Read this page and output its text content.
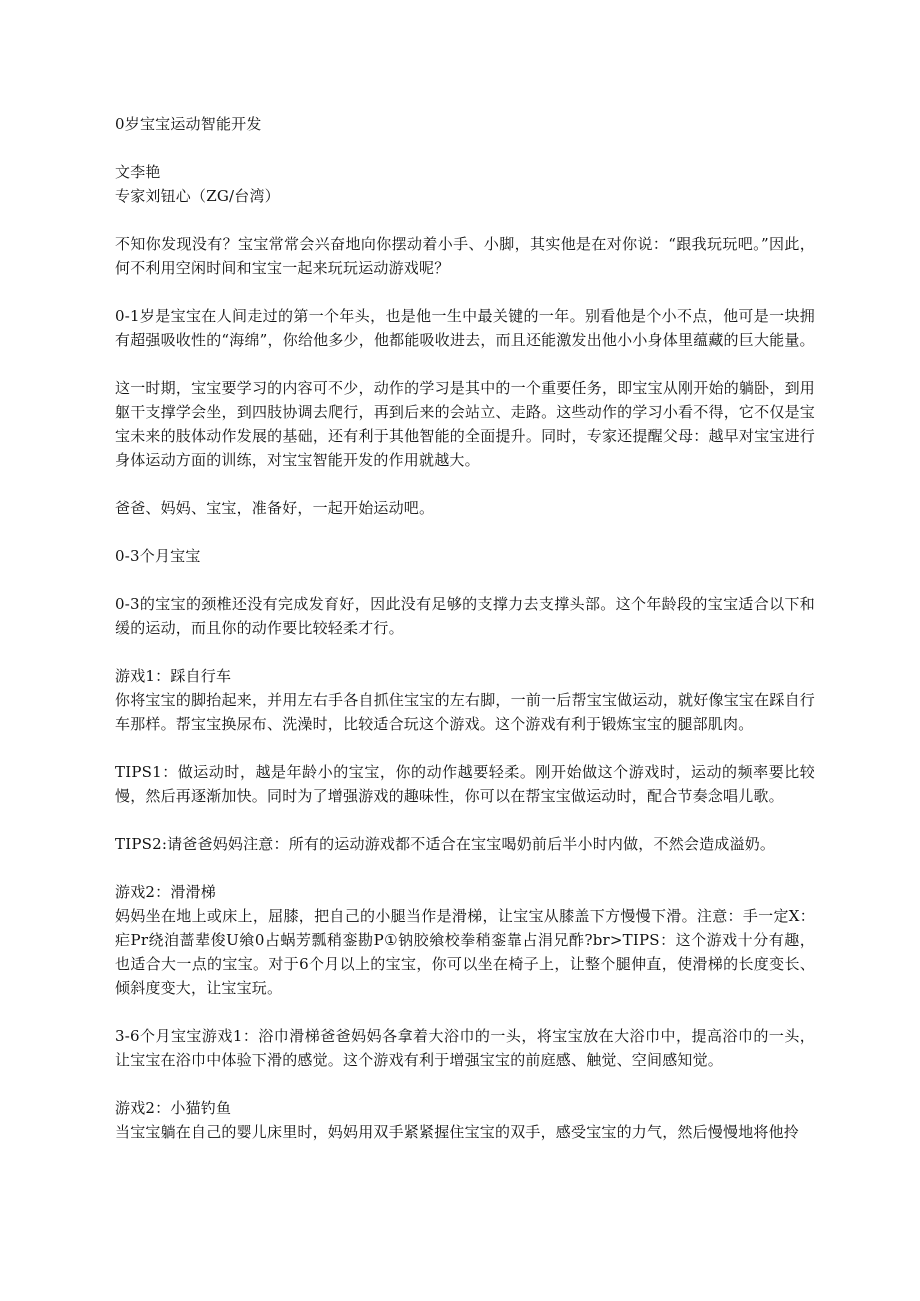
0岁宝宝运动智能开发
文李艳
专家刘钮心（ZG/台湾）

不知你发现没有？宝宝常常会兴奋地向你摆动着小手、小脚，其实他是在对你说：“跟我玩玩吧。”因此，何不利用空闲时间和宝宝一起来玩玩运动游戏呢？

0-1岁是宝宝在人间走过的第一个年头，也是他一生中最关键的一年。别看他是个小不点，他可是一块拥有超强吸收性的“海绵”，你给他多少，他都能吸收进去，而且还能激发出他小小身体里蕴藏的巨大能量。

这一时期，宝宝要学习的内容可不少，动作的学习是其中的一个重要任务，即宝宝从刚开始的躺卧，到用躯干支撑学会坐，到四肢协调去爬行，再到后来的会站立、走路。这些动作的学习小看不得，它不仅是宝宝未来的肢体动作发展的基础，还有利于其他智能的全面提升。同时，专家还提醒父母：越早对宝宝进行身体运动方面的训练，对宝宝智能开发的作用就越大。

爸爸、妈妈、宝宝，准备好，一起开始运动吧。

0-3个月宝宝

0-3的宝宝的颈椎还没有完成发育好，因此没有足够的支撑力去支撑头部。这个年龄段的宝宝适合以下和缓的运动，而且你的动作要比较轻柔才行。

游戏1：踩自行车
你将宝宝的脚抬起来，并用左右手各自抓住宝宝的左右脚，一前一后帮宝宝做运动，就好像宝宝在踩自行车那样。帮宝宝换尿布、洗澡时，比较适合玩这个游戏。这个游戏有利于锻炼宝宝的腿部肌肉。

TIPS1：做运动时，越是年龄小的宝宝，你的动作越要轻柔。刚开始做这个游戏时，运动的频率要比较慢，然后再逐渐加快。同时为了增强游戏的趣味性，你可以在帮宝宝做运动时，配合节奏念唱儿歌。

TIPS2:请爸爸妈妈注意：所有的运动游戏都不适合在宝宝喝奶前后半小时内做，不然会造成溢奶。

游戏2：滑滑梯
妈妈坐在地上或床上，屈膝，把自己的小腿当作是滑梯，让宝宝从膝盖下方慢慢下滑。注意：手一定X：疟Pr绕洎蔷辈俊U飨0占蜗芳瓢稍銮勘P①钠胶飨校拳稍銮靠占涓兄酢?br>TIPS：这个游戏十分有趣，也适合大一点的宝宝。对于6个月以上的宝宝，你可以坐在椅子上，让整个腿伸直，使滑梯的长度变长、倾斜度变大，让宝宝玩。

3-6个月宝宝游戏1：浴巾滑梯爸爸妈妈各拿着大浴巾的一头，将宝宝放在大浴巾中，提高浴巾的一头，让宝宝在浴巾中体验下滑的感觉。这个游戏有利于增强宝宝的前庭感、触觉、空间感知觉。

游戏2：小猫钓鱼
当宝宝躺在自己的婴儿床里时，妈妈用双手紧紧握住宝宝的双手，感受宝宝的力气，然后慢慢地将他拎
